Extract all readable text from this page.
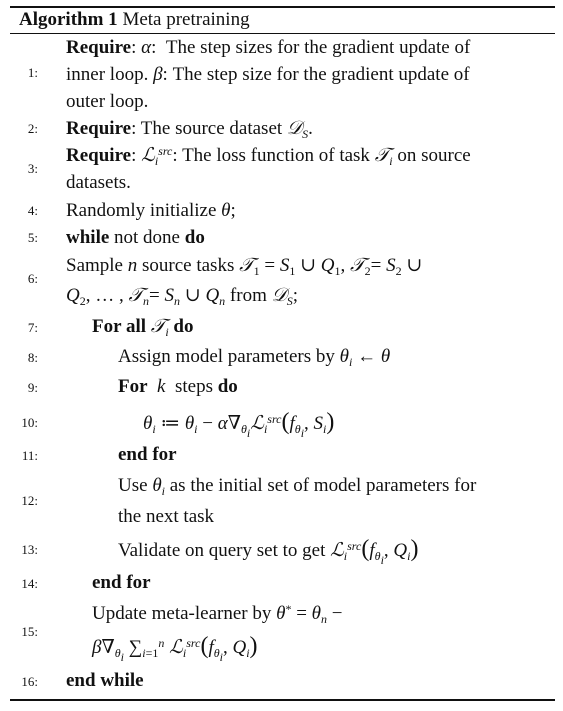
Algorithm 1 Meta pretraining
1:
Require: α:  The step sizes for the gradient update of
inner loop. β: The step size for the gradient update of
outer loop.
2: Require: The source dataset 𝒟$_S$.
3:
Require: ℒ$_i^{src}$: The loss function of task 𝒯$_i$ on source
datasets.
4: Randomly initialize θ;
5: while not done do
6:
Sample n source tasks 𝒯$_1$ = $S_1$ ∪ $Q_1$, 𝒯$_2$= $S_2$ ∪
$Q_2$, … , 𝒯$_n$= $S_n$ ∪ $Q_n$ from 𝒟$_S$;
7:	For all 𝒯$_i$ do
8:	Assign model parameters by $\theta_i$ ← θ
9:	For k  steps do
10:	$\theta_i$ ≔ $\theta_i$ − $\alpha\nabla_{\theta_i}ℒ_i^{src}(f_{\theta_i}$, $S_i$)
11:	end for
12:
Use $\theta_i$ as the initial set of model parameters for
the next task
13:	Validate on query set to get $ℒ_i^{src}(f_{\theta_i}$, $Q_i$)
14:	end for
15:
Update meta-learner by $\theta^* = \theta_n$ −
$\beta\nabla_{\theta_i}$ $\sum_{i=1}^n$ $ℒ_i^{src}(f_{\theta_i}$, $Q_i$)
16: end while
